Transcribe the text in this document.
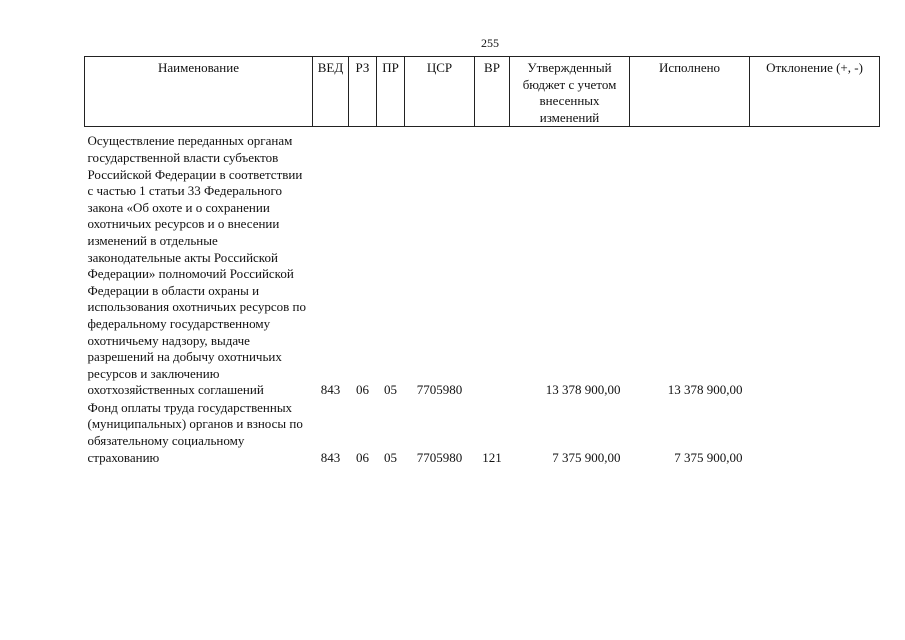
255
Наименование	ВЕД	РЗ	ПР	ЦСР	ВР	Утвержденный бюджет с учетом внесенных изменений	Исполнено	Отклонение (+, -)
Осуществление переданных органам государственной власти субъектов Российской Федерации в соответствии с частью 1 статьи 33 Федерального закона «Об охоте и о сохранении охотничьих ресурсов и о внесении изменений в отдельные законодательные акты Российской Федерации» полномочий Российской Федерации в области охраны и использования охотничьих ресурсов по федеральному государственному охотничьему надзору, выдаче разрешений на добычу охотничьих ресурсов и заключению охотхозяйственных соглашений	843	06	05	7705980		13 378 900,00	13 378 900,00	
Фонд оплаты труда государственных (муниципальных) органов и взносы по обязательному социальному страхованию	843	06	05	7705980	121	7 375 900,00	7 375 900,00	
